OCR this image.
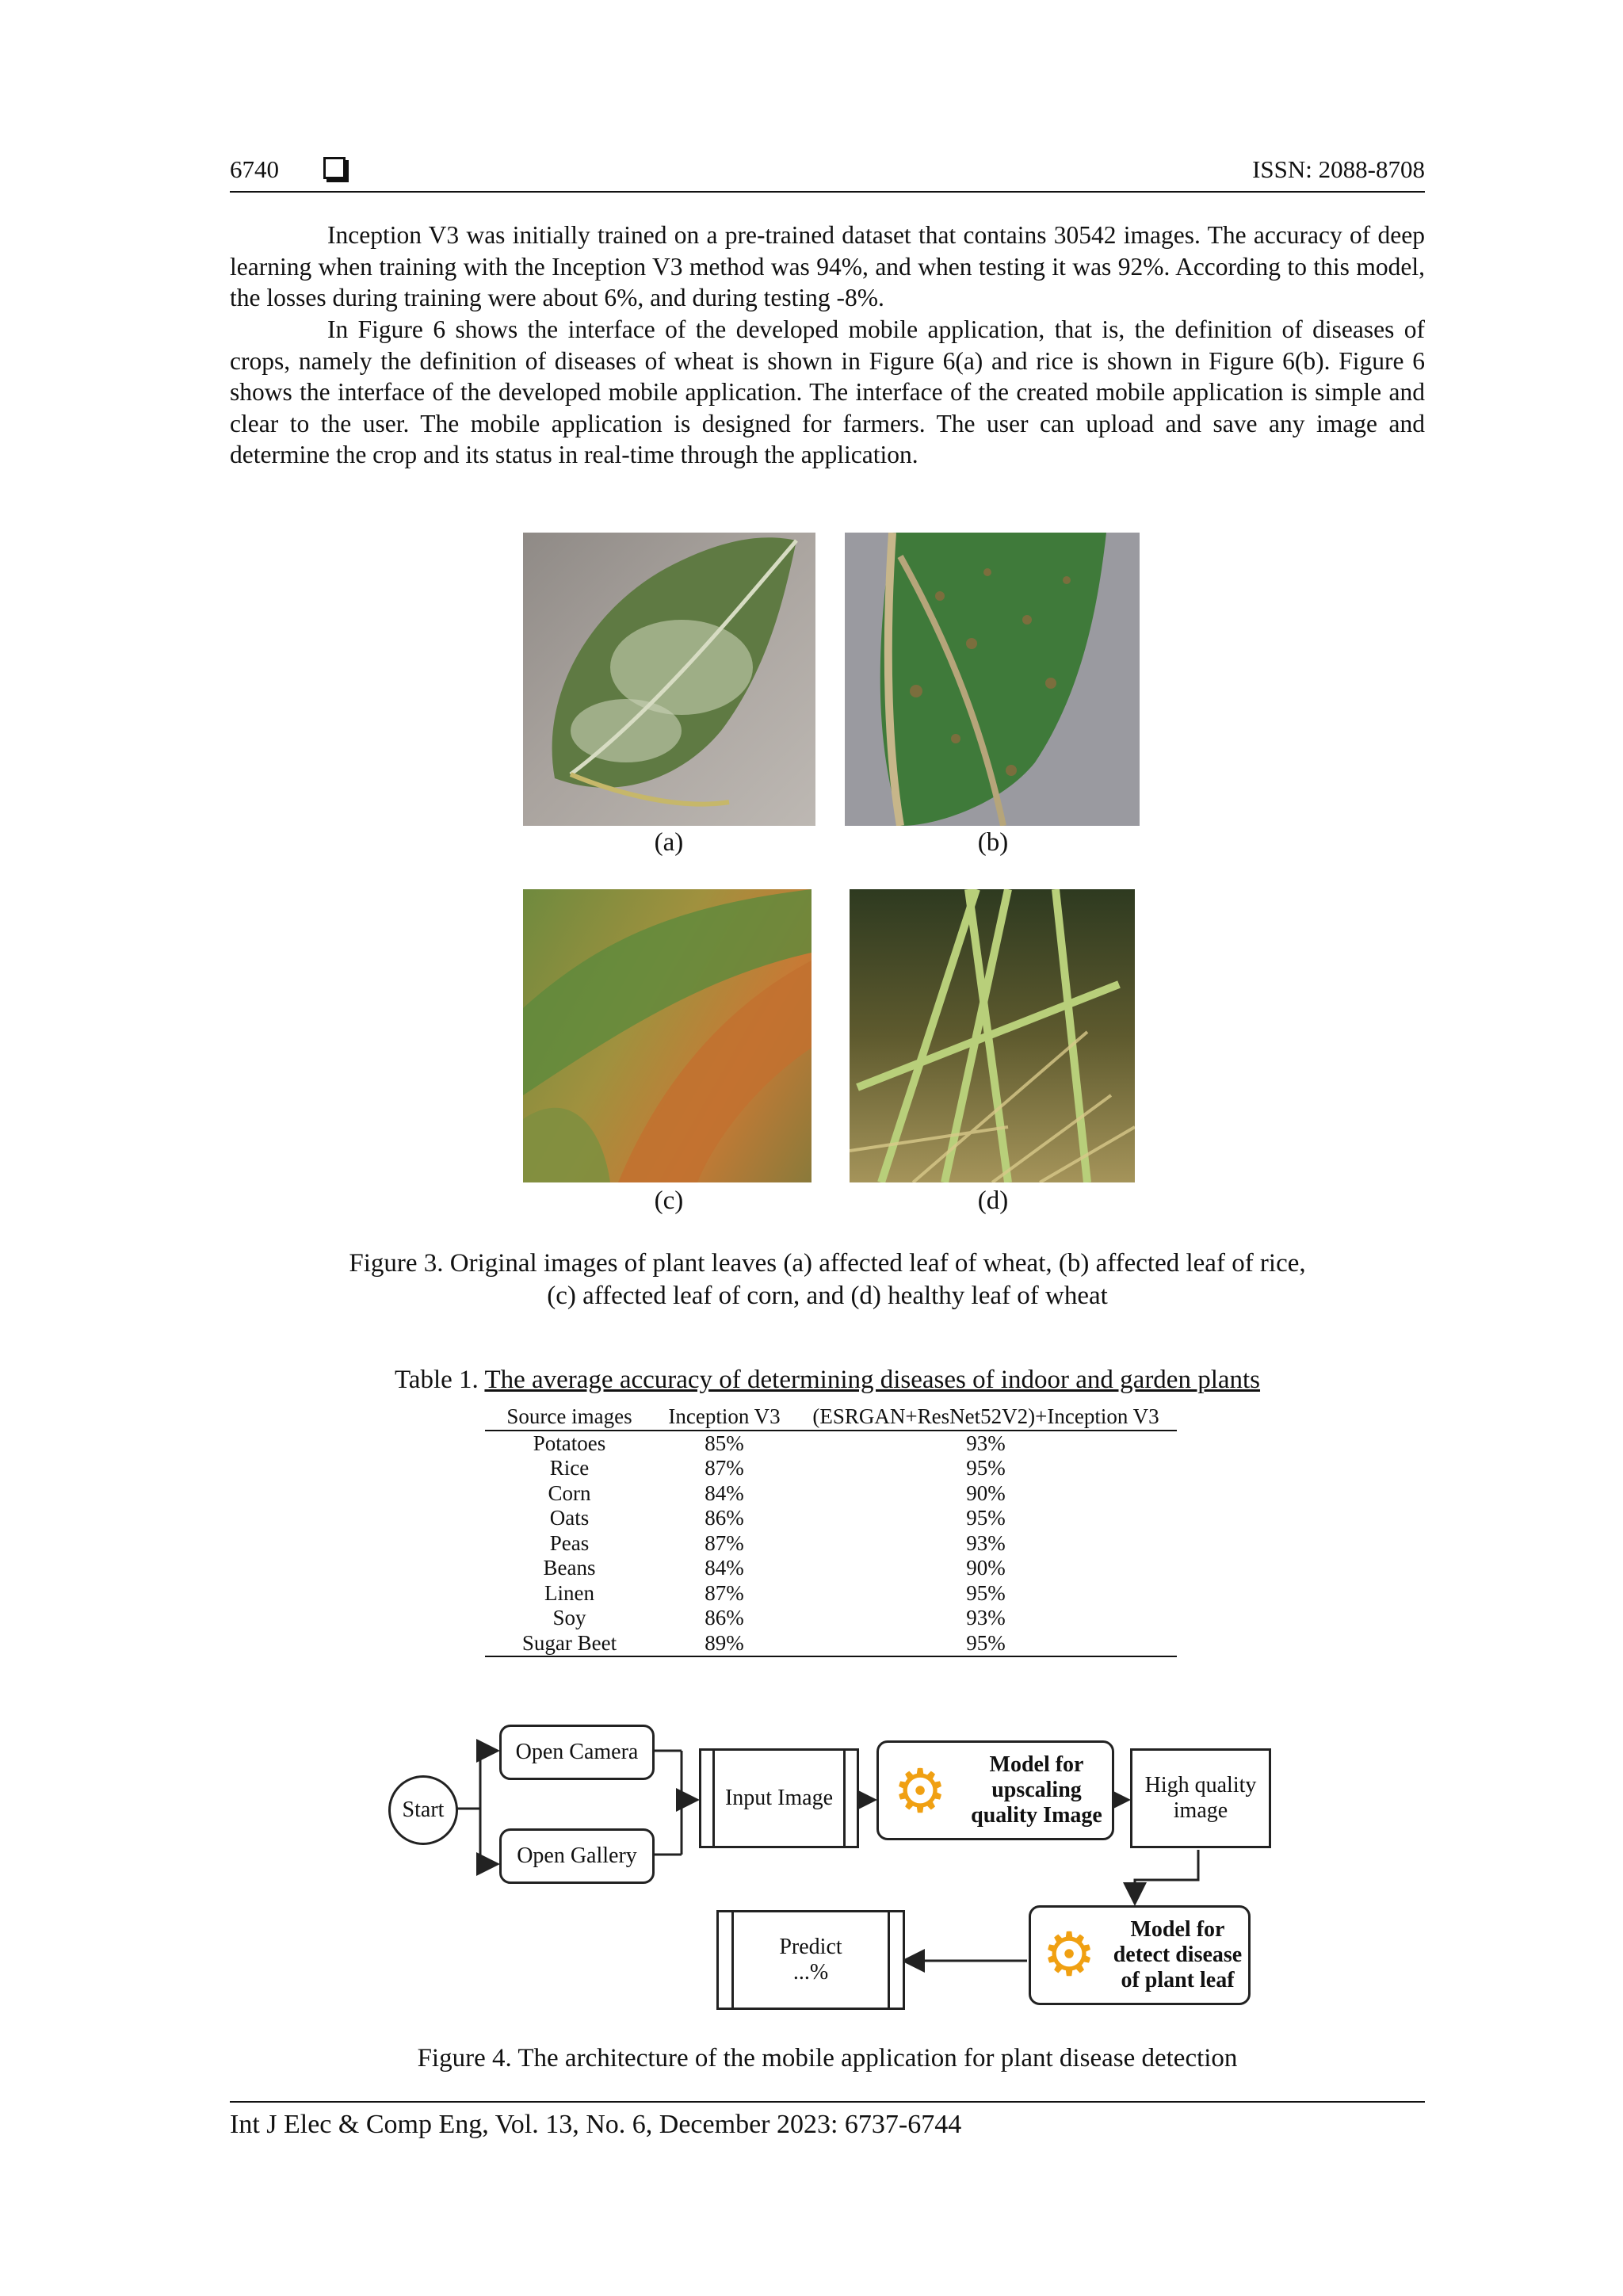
6740	ISSN: 2088-8708
Inception V3 was initially trained on a pre-trained dataset that contains 30542 images. The accuracy of deep learning when training with the Inception V3 method was 94%, and when testing it was 92%. According to this model, the losses during training were about 6%, and during testing -8%.
In Figure 6 shows the interface of the developed mobile application, that is, the definition of diseases of crops, namely the definition of diseases of wheat is shown in Figure 6(a) and rice is shown in Figure 6(b). Figure 6 shows the interface of the developed mobile application. The interface of the created mobile application is simple and clear to the user. The mobile application is designed for farmers. The user can upload and save any image and determine the crop and its status in real-time through the application.
(a)	(b)
(c)	(d)
Figure 3. Original images of plant leaves (a) affected leaf of wheat, (b) affected leaf of rice,
(c) affected leaf of corn, and (d) healthy leaf of wheat
Table 1. The average accuracy of determining diseases of indoor and garden plants
Source images	Inception V3	(ESRGAN+ResNet52V2)+Inception V3
Potatoes	85%	93%
Rice	87%	95%
Corn	84%	90%
Oats	86%	95%
Peas	87%	93%
Beans	84%	90%
Linen	87%	95%
Soy	86%	93%
Sugar Beet	89%	95%
Start
Open Camera
Open Gallery
Input Image ⚙	Model for
upscaling
quality Image
High quality
image
⚙	Model for
detect disease
of plant leaf
Predict
...%
Figure 4. The architecture of the mobile application for plant disease detection
Int J Elec & Comp Eng, Vol. 13, No. 6, December 2023: 6737-6744
